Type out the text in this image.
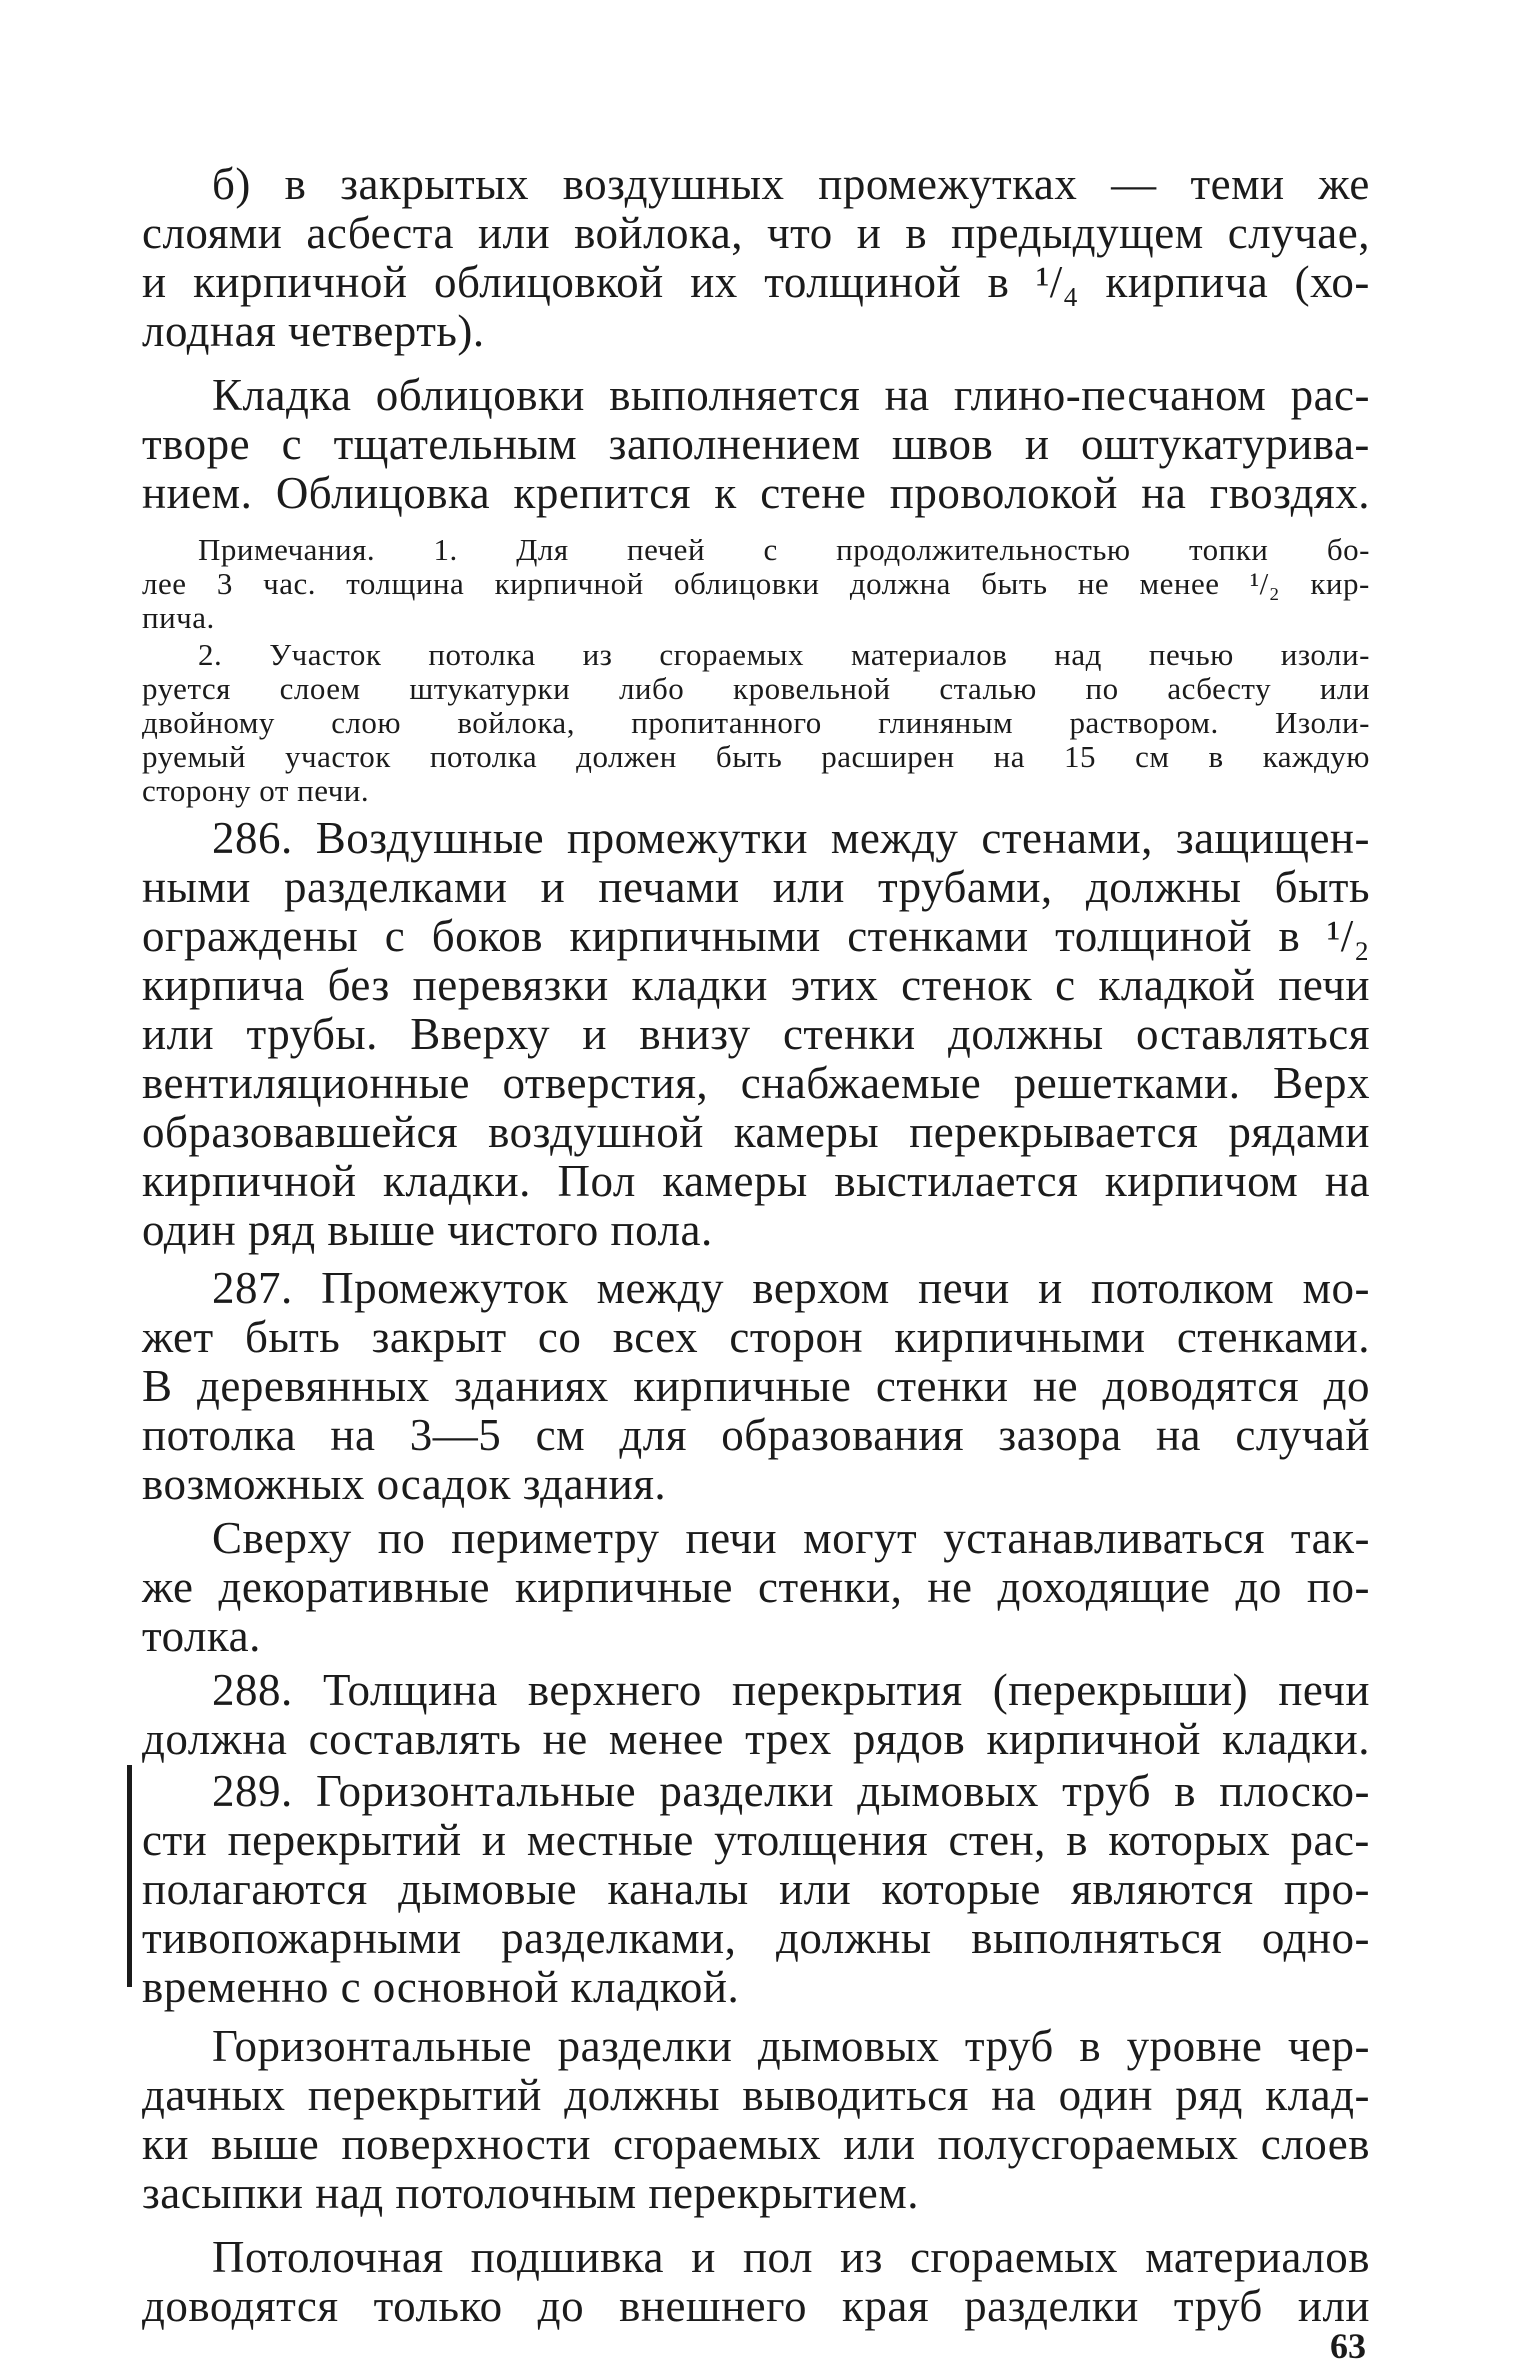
б) в закрытых воздушных промежутках — теми же

слоями асбеста или войлока, что и в предыдущем случае,

и кирпичной облицовкой их толщиной в ¹/₄ кирпича (хо-

лодная четверть).

Кладка облицовки выполняется на глино-песчаном рас-

творе с тщательным заполнением швов и оштукатурива-

нием. Облицовка крепится к стене проволокой на гвоздях.

Примечания. 1. Для печей с продолжительностью топки бо-

лее 3 час. толщина кирпичной облицовки должна быть не менее ¹/₂ кир-

пича.

2. Участок потолка из сгораемых материалов над печью изоли-

руется слоем штукатурки либо кровельной сталью по асбесту или

двойному слою войлока, пропитанного глиняным раствором. Изоли-

руемый участок потолка должен быть расширен на 15 см в каждую

сторону от печи.

286. Воздушные промежутки между стенами, защищен-

ными разделками и печами или трубами, должны быть

ограждены с боков кирпичными стенками толщиной в ¹/₂

кирпича без перевязки кладки этих стенок с кладкой печи

или трубы. Вверху и внизу стенки должны оставляться

вентиляционные отверстия, снабжаемые решетками. Верх

образовавшейся воздушной камеры перекрывается рядами

кирпичной кладки. Пол камеры выстилается кирпичом на

один ряд выше чистого пола.

287. Промежуток между верхом печи и потолком мо-

жет быть закрыт со всех сторон кирпичными стенками.

В деревянных зданиях кирпичные стенки не доводятся до

потолка на 3—5 см для образования зазора на случай

возможных осадок здания.

Сверху по периметру печи могут устанавливаться так-

же декоративные кирпичные стенки, не доходящие до по-

толка.

288. Толщина верхнего перекрытия (перекрыши) печи

должна составлять не менее трех рядов кирпичной кладки.

289. Горизонтальные разделки дымовых труб в плоско-

сти перекрытий и местные утолщения стен, в которых рас-

полагаются дымовые каналы или которые являются про-

тивопожарными разделками, должны выполняться одно-

временно с основной кладкой.

Горизонтальные разделки дымовых труб в уровне чер-

дачных перекрытий должны выводиться на один ряд клад-

ки выше поверхности сгораемых или полусгораемых слоев

засыпки над потолочным перекрытием.

Потолочная подшивка и пол из сгораемых материалов

доводятся только до внешнего края разделки труб или

63
